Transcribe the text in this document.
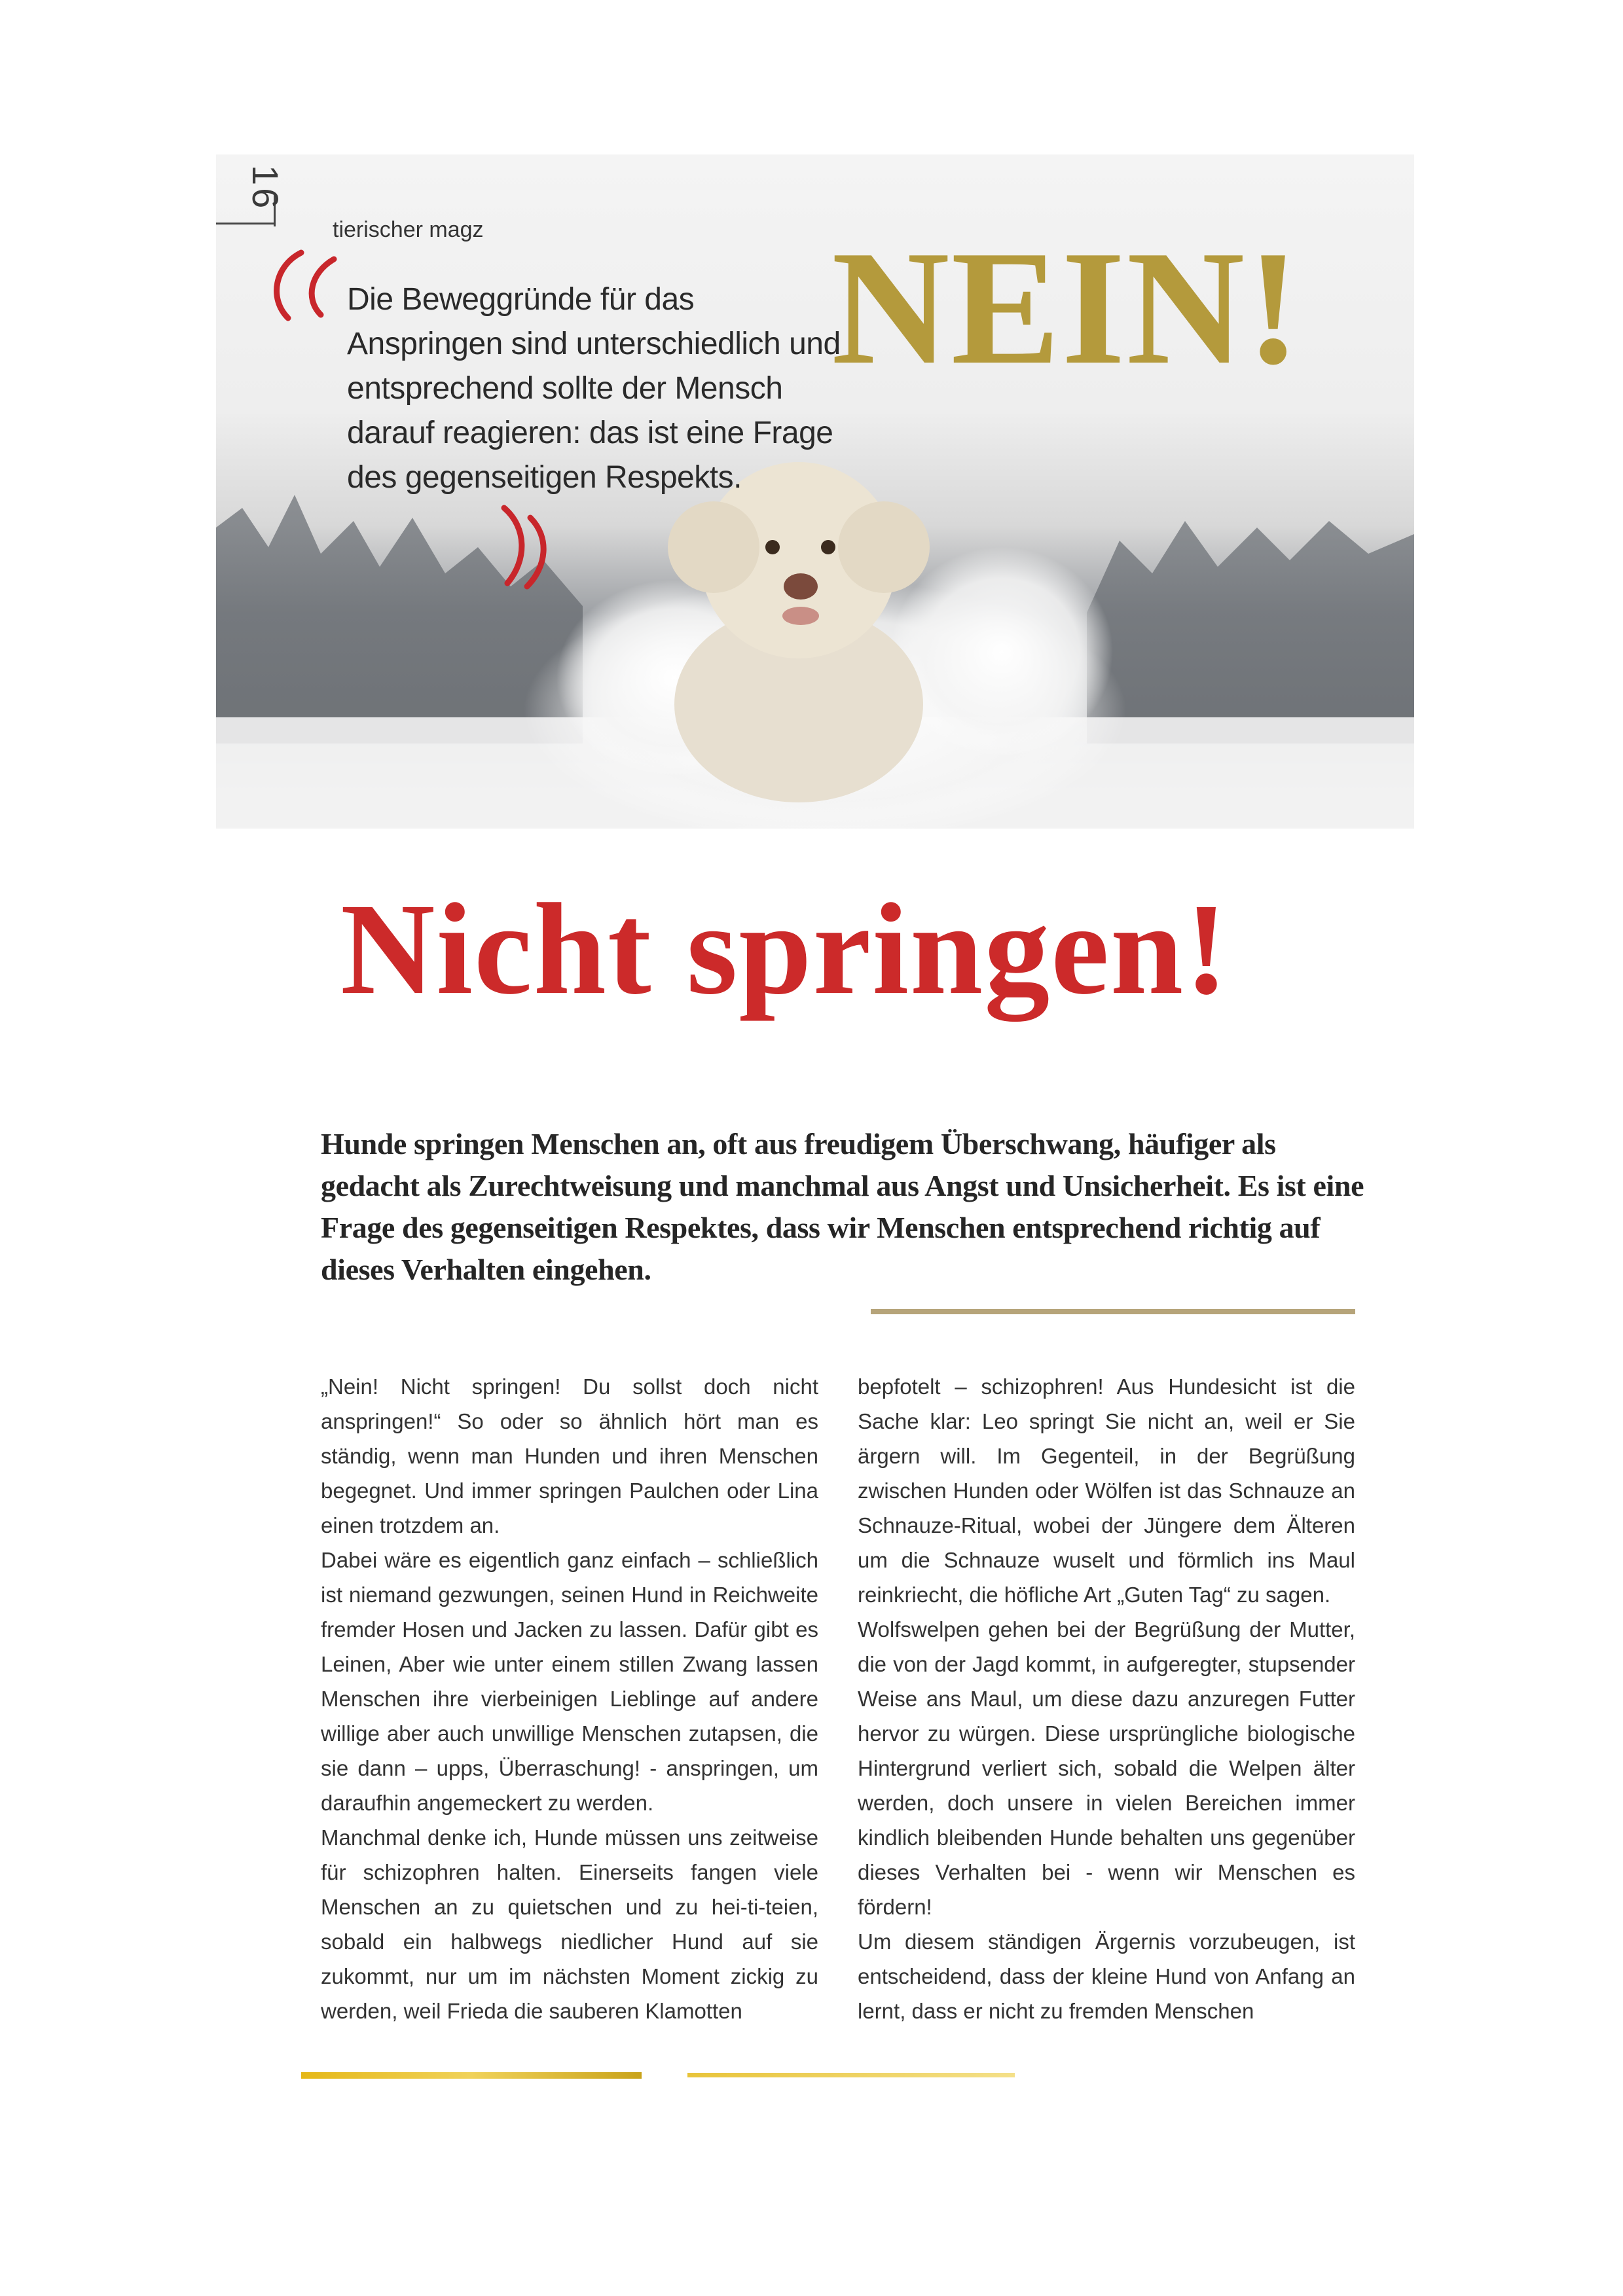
16
tierischer magz
Die Beweggründe für das Anspringen sind unterschiedlich und entsprechend sollte der Mensch darauf reagieren: das ist eine Frage des gegenseitigen Respekts.
NEIN!
Nicht springen!
Hunde springen Menschen an, oft aus freudigem Überschwang, häufiger als gedacht als Zurechtweisung und manchmal aus Angst und Unsicherheit. Es ist eine Frage des gegenseitigen Respektes, dass wir Menschen entsprechend richtig auf dieses Verhalten eingehen.

„Nein! Nicht springen! Du sollst doch nicht anspringen!“ So oder so ähnlich hört man es ständig, wenn man Hunden und ihren Menschen begegnet. Und immer springen Paulchen oder Lina einen trotzdem an.

Dabei wäre es eigentlich ganz einfach – schließlich ist niemand gezwungen, seinen Hund in Reichweite fremder Hosen und Jacken zu lassen. Dafür gibt es Leinen, Aber wie unter einem stillen Zwang lassen Menschen ihre vierbeinigen Lieblinge auf andere willige aber auch unwillige Menschen zutapsen, die sie dann – upps, Überraschung! - anspringen, um daraufhin angemeckert zu werden.

Manchmal denke ich, Hunde müssen uns zeitweise für schizophren halten. Einerseits fangen viele Menschen an zu quietschen und zu hei-ti-teien, sobald ein halbwegs niedlicher Hund auf sie zukommt, nur um im nächsten Moment zickig zu werden, weil Frieda die sauberen Klamotten

bepfotelt – schizophren! Aus Hundesicht ist die Sache klar: Leo springt Sie nicht an, weil er Sie ärgern will. Im Gegenteil, in der Begrüßung zwischen Hunden oder Wölfen ist das Schnauze an Schnauze-Ritual, wobei der Jüngere dem Älteren um die Schnauze wuselt und förmlich ins Maul reinkriecht, die höfliche Art „Guten Tag“ zu sagen.

Wolfswelpen gehen bei der Begrüßung der Mutter, die von der Jagd kommt, in aufgeregter, stupsender Weise ans Maul, um diese dazu anzuregen Futter hervor zu würgen. Diese ursprüngliche biologische Hintergrund verliert sich, sobald die Welpen älter werden, doch unsere in vielen Bereichen immer kindlich bleibenden Hunde behalten uns gegenüber dieses Verhalten bei - wenn wir Menschen es fördern!

Um diesem ständigen Ärgernis vorzubeugen, ist entscheidend, dass der kleine Hund von Anfang an lernt, dass er nicht zu fremden Menschen
